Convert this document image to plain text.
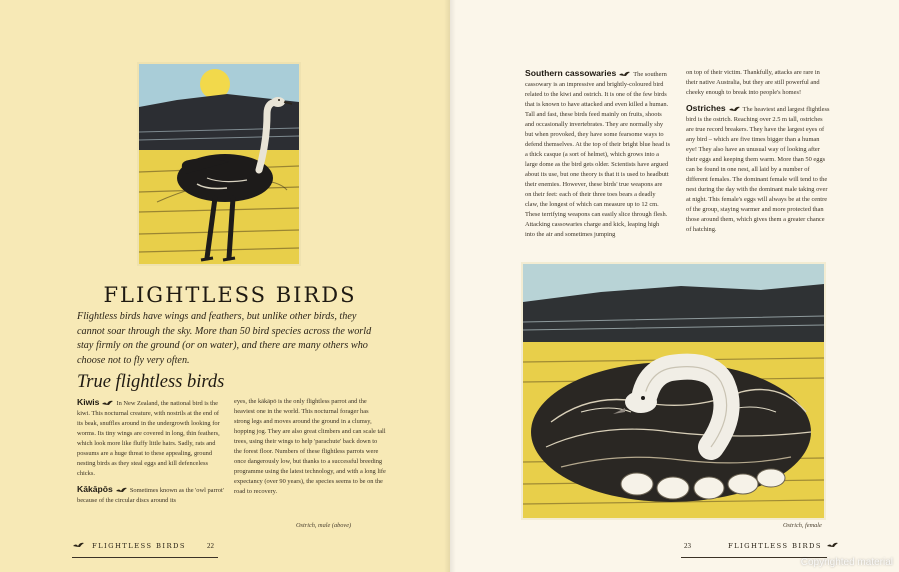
FLIGHTLESS BIRDS
Flightless birds have wings and feathers, but unlike other birds, they cannot soar through the sky. More than 50 bird species across the world stay firmly on the ground (or on water), and there are many others who choose not to fly very often.
True flightless birds
Kiwis	In New Zealand, the national bird is the kiwi. This nocturnal creature, with nostrils at the end of its beak, snuffles around in the undergrowth looking for worms. Its tiny wings are covered in long, thin feathers, which look more like fluffy little hairs. Sadly, rats and possums are a huge threat to these appealing, ground nesting birds as they steal eggs and kill defenceless chicks.
Kākāpōs	Sometimes known as the 'owl parrot' because of the circular discs around its
eyes, the kākāpō is the only flightless parrot and the heaviest one in the world. This nocturnal forager has strong legs and moves around the ground in a clumsy, hopping jog. They are also great climbers and can scale tall trees, using their wings to help 'parachute' back down to the forest floor. Numbers of these flightless parrots were once dangerously low, but thanks to a successful breeding programme using the latest technology, and with a long life expectancy (over 90 years), the species seems to be on the road to recovery.
Ostrich, male (above)
FLIGHTLESS BIRDS	22
Southern cassowaries	The southern cassowary is an impressive and brightly-coloured bird related to the kiwi and ostrich. It is one of the few birds that is known to have attacked and even killed a human. Tall and fast, these birds feed mainly on fruits, shoots and occasionally invertebrates. They are normally shy but when provoked, they have some fearsome ways to defend themselves. At the top of their bright blue head is a thick casque (a sort of helmet), which grows into a large dome as the bird gets older. Scientists have argued about its use, but one theory is that it is used to headbutt their enemies. However, these birds' true weapons are on their feet: each of their three toes bears a deadly claw, the longest of which can measure up to 12 cm. These terrifying weapons can easily slice through flesh. Attacking cassowaries charge and kick, leaping high into the air and sometimes jumping
on top of their victim. Thankfully, attacks are rare in their native Australia, but they are still powerful and cheeky enough to break into people's homes!
Ostriches	The heaviest and largest flightless bird is the ostrich. Reaching over 2.5 m tall, ostriches are true record breakers. They have the largest eyes of any bird – which are five times bigger than a human eye! They also have an unusual way of looking after their eggs and keeping them warm. More than 50 eggs can be found in one nest, all laid by a number of different females. The dominant female will tend to the nest during the day with the dominant male taking over at night. This female's eggs will always be at the centre of the group, staying warmer and more protected than those around them, which gives them a greater chance of hatching.
Ostrich, female
23	FLIGHTLESS BIRDS
Copyrighted material
